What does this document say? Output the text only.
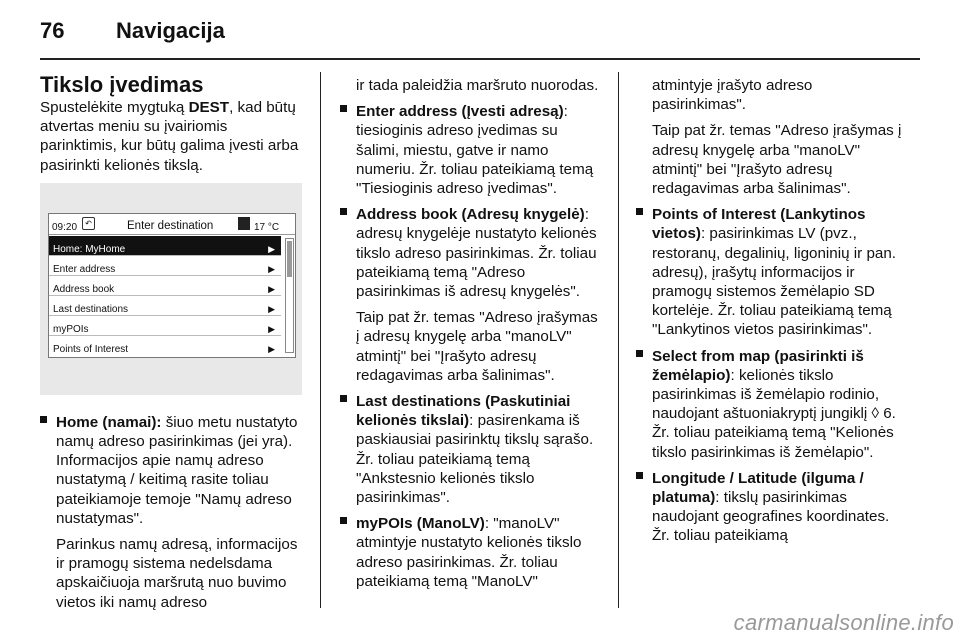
76 Navigacija
Tikslo įvedimas

Spustelėkite mygtuką DEST, kad būtų atvertas meniu su įvairiomis parinktimis, kur būtų galima įvesti arba pasirinkti kelionės tikslą.

09:20	↶	Enter destination	17 °C
Home: MyHome	▶
Enter address	▶
Address book	▶
Last destinations	▶
myPOIs	▶
Points of Interest	▶
Home (namai): šiuo metu nustatyto namų adreso pasirinkimas (jei yra). Informacijos apie namų adreso nustatymą / keitimą rasite toliau pateikiamoje temoje "Namų adreso nustatymas".

Parinkus namų adresą, informacijos ir pramogų sistema nedelsdama apskaičiuoja maršrutą nuo buvimo vietos iki namų adreso

ir tada paleidžia maršruto nuorodas.

Enter address (Įvesti adresą): tiesioginis adreso įvedimas su šalimi, miestu, gatve ir namo numeriu. Žr. toliau pateikiamą temą "Tiesioginis adreso įvedimas".
Address book (Adresų knygelė): adresų knygelėje nustatyto kelionės tikslo adreso pasirinkimas. Žr. toliau pateikiamą temą "Adreso pasirinkimas iš adresų knygelės".

Taip pat žr. temas "Adreso įrašymas į adresų knygelę arba "manoLV" atmintį" bei "Įrašyto adresų redagavimas arba šalinimas".

Last destinations (Paskutiniai kelionės tikslai): pasirenkama iš paskiausiai pasirinktų tikslų sąrašo. Žr. toliau pateikiamą temą "Ankstesnio kelionės tikslo pasirinkimas".
myPOIs (ManoLV): "manoLV" atmintyje nustatyto kelionės tikslo adreso pasirinkimas. Žr. toliau pateikiamą temą "ManoLV"

atmintyje įrašyto adreso pasirinkimas".

Taip pat žr. temas "Adreso įrašymas į adresų knygelę arba "manoLV" atmintį" bei "Įrašyto adresų redagavimas arba šalinimas".

Points of Interest (Lankytinos vietos): pasirinkimas LV (pvz., restoranų, degalinių, ligoninių ir pan. adresų), įrašytų informacijos ir pramogų sistemos žemėlapio SD kortelėje. Žr. toliau pateikiamą temą "Lankytinos vietos pasirinkimas".
Select from map (pasirinkti iš žemėlapio): kelionės tikslo pasirinkimas iš žemėlapio rodinio, naudojant aštuoniakryptį jungiklį ◊ 6. Žr. toliau pateikiamą temą "Kelionės tikslo pasirinkimas iš žemėlapio".
Longitude / Latitude (ilguma / platuma): tikslų pasirinkimas naudojant geografines koordinates. Žr. toliau pateikiamą
carmanualsonline.info
